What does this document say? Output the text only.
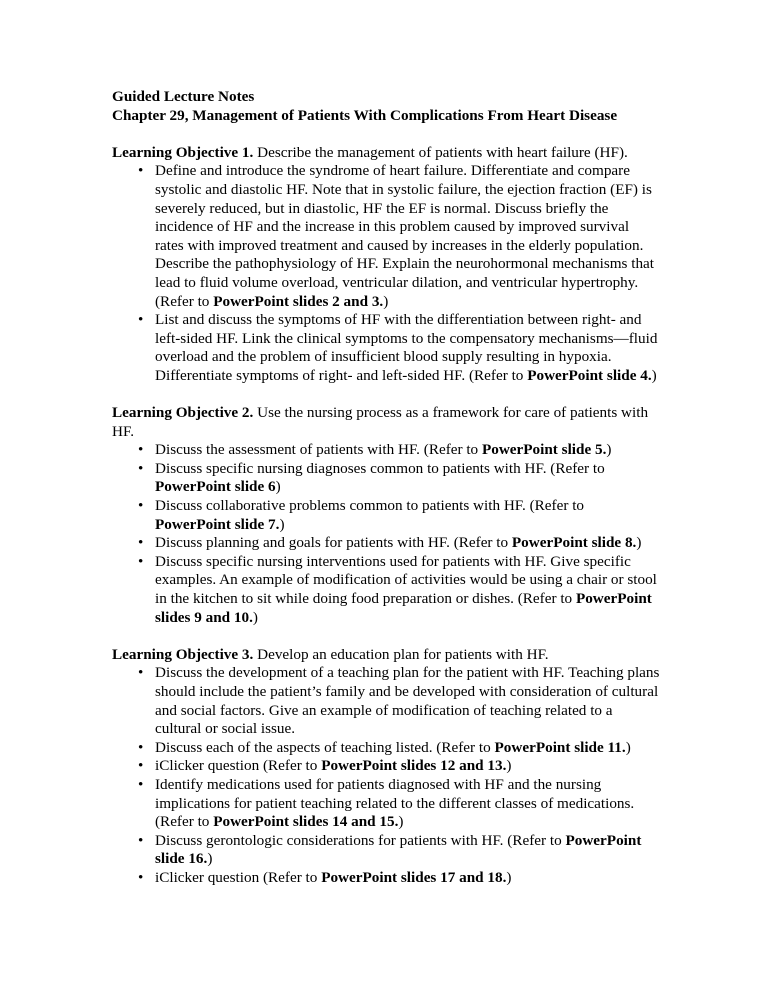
Guided Lecture Notes
Chapter 29, Management of Patients With Complications From Heart Disease

Learning Objective 1. Describe the management of patients with heart failure (HF).

• Define and introduce the syndrome of heart failure. Differentiate and compare systolic and diastolic HF. Note that in systolic failure, the ejection fraction (EF) is severely reduced, but in diastolic, HF the EF is normal. Discuss briefly the incidence of HF and the increase in this problem caused by improved survival rates with improved treatment and caused by increases in the elderly population. Describe the pathophysiology of HF. Explain the neurohormonal mechanisms that lead to fluid volume overload, ventricular dilation, and ventricular hypertrophy. (Refer to PowerPoint slides 2 and 3.)
• List and discuss the symptoms of HF with the differentiation between right- and left-sided HF. Link the clinical symptoms to the compensatory mechanisms—fluid overload and the problem of insufficient blood supply resulting in hypoxia. Differentiate symptoms of right- and left-sided HF. (Refer to PowerPoint slide 4.)

Learning Objective 2. Use the nursing process as a framework for care of patients with HF.

• Discuss the assessment of patients with HF. (Refer to PowerPoint slide 5.)
• Discuss specific nursing diagnoses common to patients with HF. (Refer to PowerPoint slide 6)
• Discuss collaborative problems common to patients with HF. (Refer to PowerPoint slide 7.)
• Discuss planning and goals for patients with HF. (Refer to PowerPoint slide 8.)
• Discuss specific nursing interventions used for patients with HF. Give specific examples. An example of modification of activities would be using a chair or stool in the kitchen to sit while doing food preparation or dishes. (Refer to PowerPoint slides 9 and 10.)

Learning Objective 3. Develop an education plan for patients with HF.

• Discuss the development of a teaching plan for the patient with HF. Teaching plans should include the patient’s family and be developed with consideration of cultural and social factors. Give an example of modification of teaching related to a cultural or social issue.
• Discuss each of the aspects of teaching listed. (Refer to PowerPoint slide 11.)
• iClicker question (Refer to PowerPoint slides 12 and 13.)
• Identify medications used for patients diagnosed with HF and the nursing implications for patient teaching related to the different classes of medications. (Refer to PowerPoint slides 14 and 15.)
• Discuss gerontologic considerations for patients with HF. (Refer to PowerPoint slide 16.)
• iClicker question (Refer to PowerPoint slides 17 and 18.)
